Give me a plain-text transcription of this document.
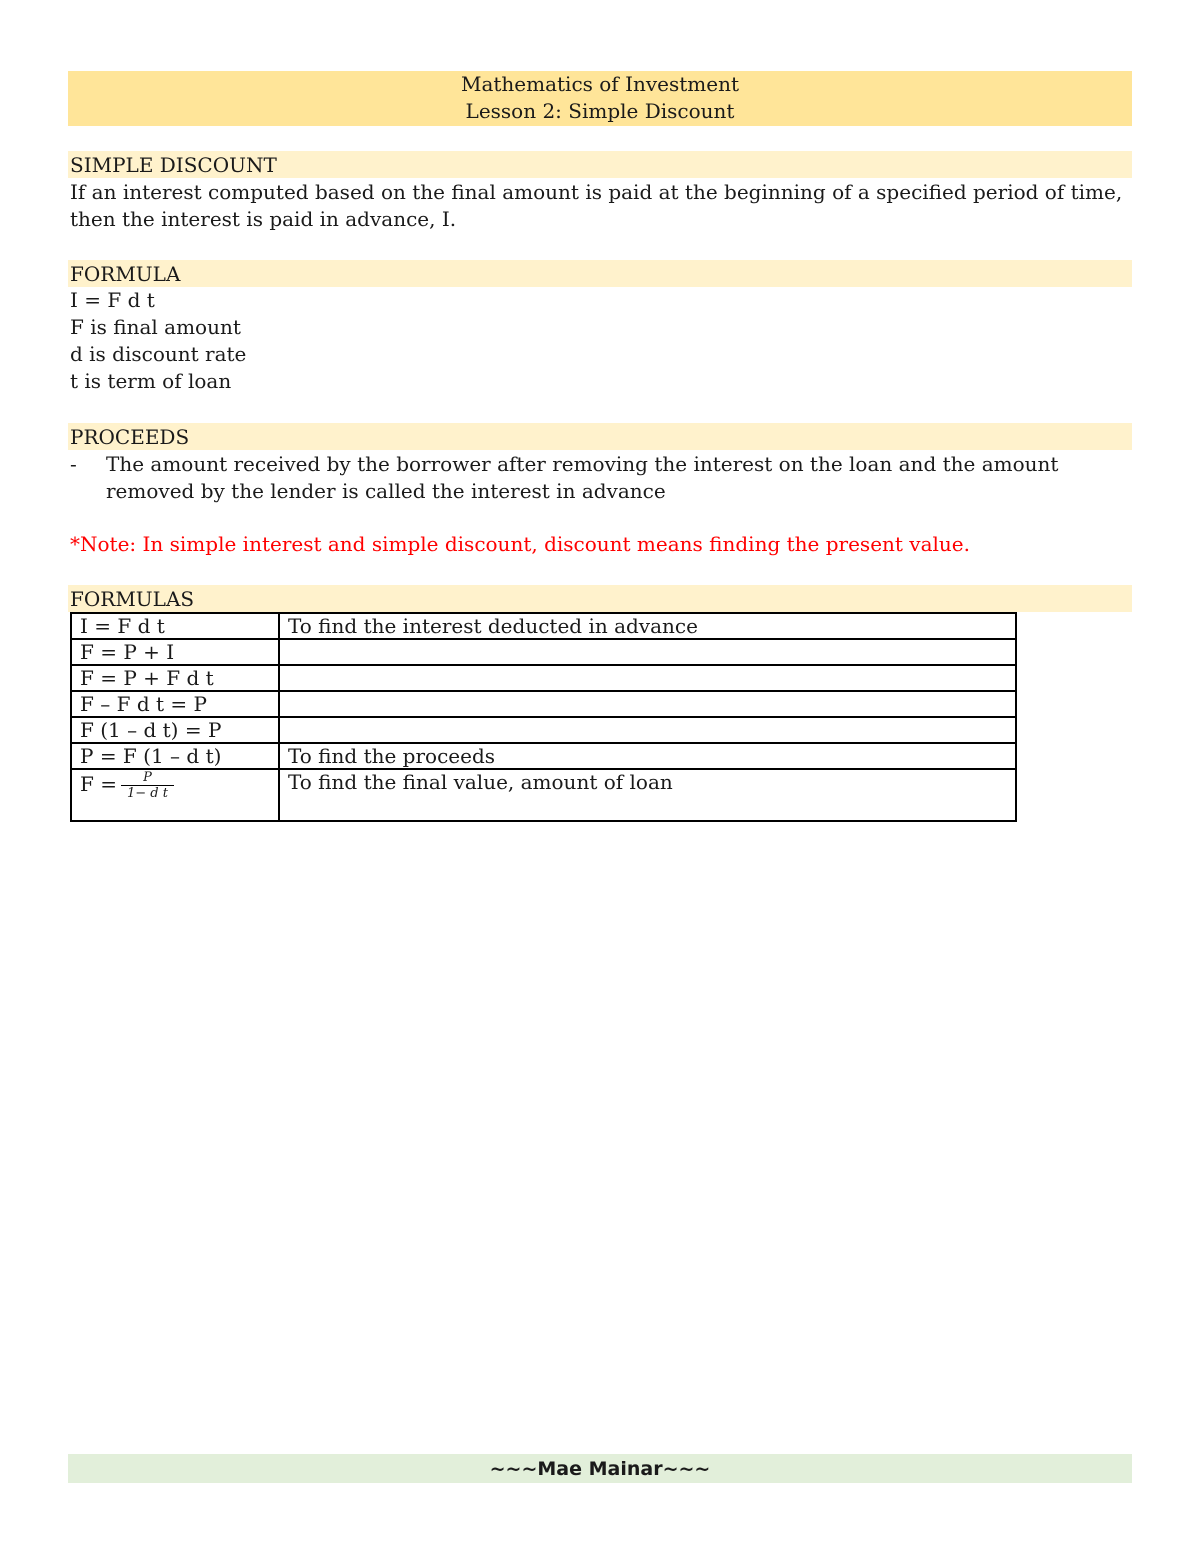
Mathematics of Investment
Lesson 2: Simple Discount
SIMPLE DISCOUNT
If an interest computed based on the final amount is paid at the beginning of a specified period of time, then the interest is paid in advance, I.
FORMULA
I = F d t
F is final amount
d is discount rate
t is term of loan
PROCEEDS
- The amount received by the borrower after removing the interest on the loan and the amount removed by the lender is called the interest in advance
*Note: In simple interest and simple discount, discount means finding the present value.
FORMULAS
I = F d t	To find the interest deducted in advance
F = P + I	
F = P + F d t	
F – F d t = P	
F (1 – d t) = P	
P = F (1 – d t)	To find the proceeds
$F = \frac{P}{\text{1− d t}}$	To find the final value, amount of loan
~~~Mae Mainar~~~
